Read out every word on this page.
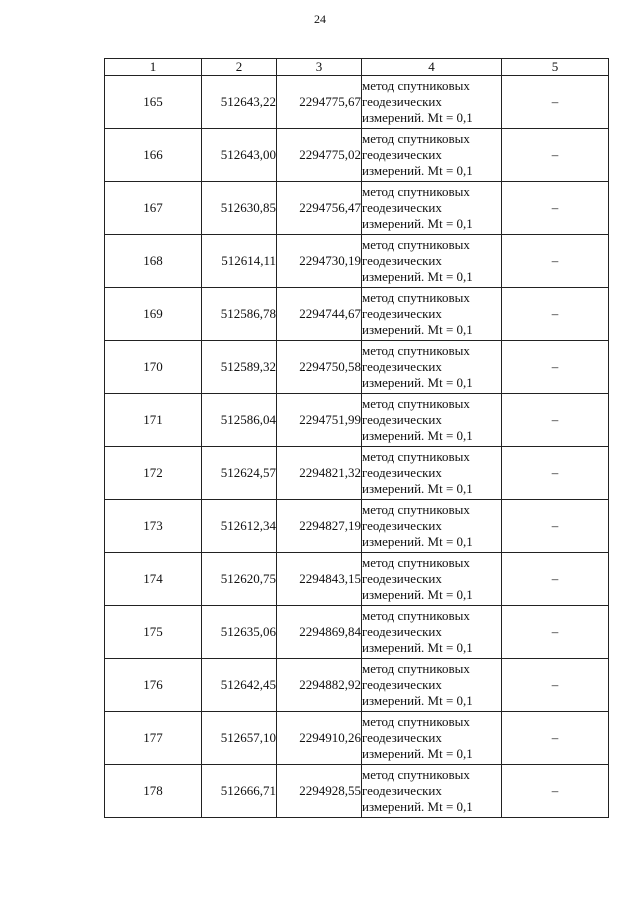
24
1	2	3	4	5
165	512643,22	2294775,67	метод спутниковых
геодезических
измерений. Mt = 0,1	–
166	512643,00	2294775,02	метод спутниковых
геодезических
измерений. Mt = 0,1	–
167	512630,85	2294756,47	метод спутниковых
геодезических
измерений. Mt = 0,1	–
168	512614,11	2294730,19	метод спутниковых
геодезических
измерений. Mt = 0,1	–
169	512586,78	2294744,67	метод спутниковых
геодезических
измерений. Mt = 0,1	–
170	512589,32	2294750,58	метод спутниковых
геодезических
измерений. Mt = 0,1	–
171	512586,04	2294751,99	метод спутниковых
геодезических
измерений. Mt = 0,1	–
172	512624,57	2294821,32	метод спутниковых
геодезических
измерений. Mt = 0,1	–
173	512612,34	2294827,19	метод спутниковых
геодезических
измерений. Mt = 0,1	–
174	512620,75	2294843,15	метод спутниковых
геодезических
измерений. Mt = 0,1	–
175	512635,06	2294869,84	метод спутниковых
геодезических
измерений. Mt = 0,1	–
176	512642,45	2294882,92	метод спутниковых
геодезических
измерений. Mt = 0,1	–
177	512657,10	2294910,26	метод спутниковых
геодезических
измерений. Mt = 0,1	–
178	512666,71	2294928,55	метод спутниковых
геодезических
измерений. Mt = 0,1	–
